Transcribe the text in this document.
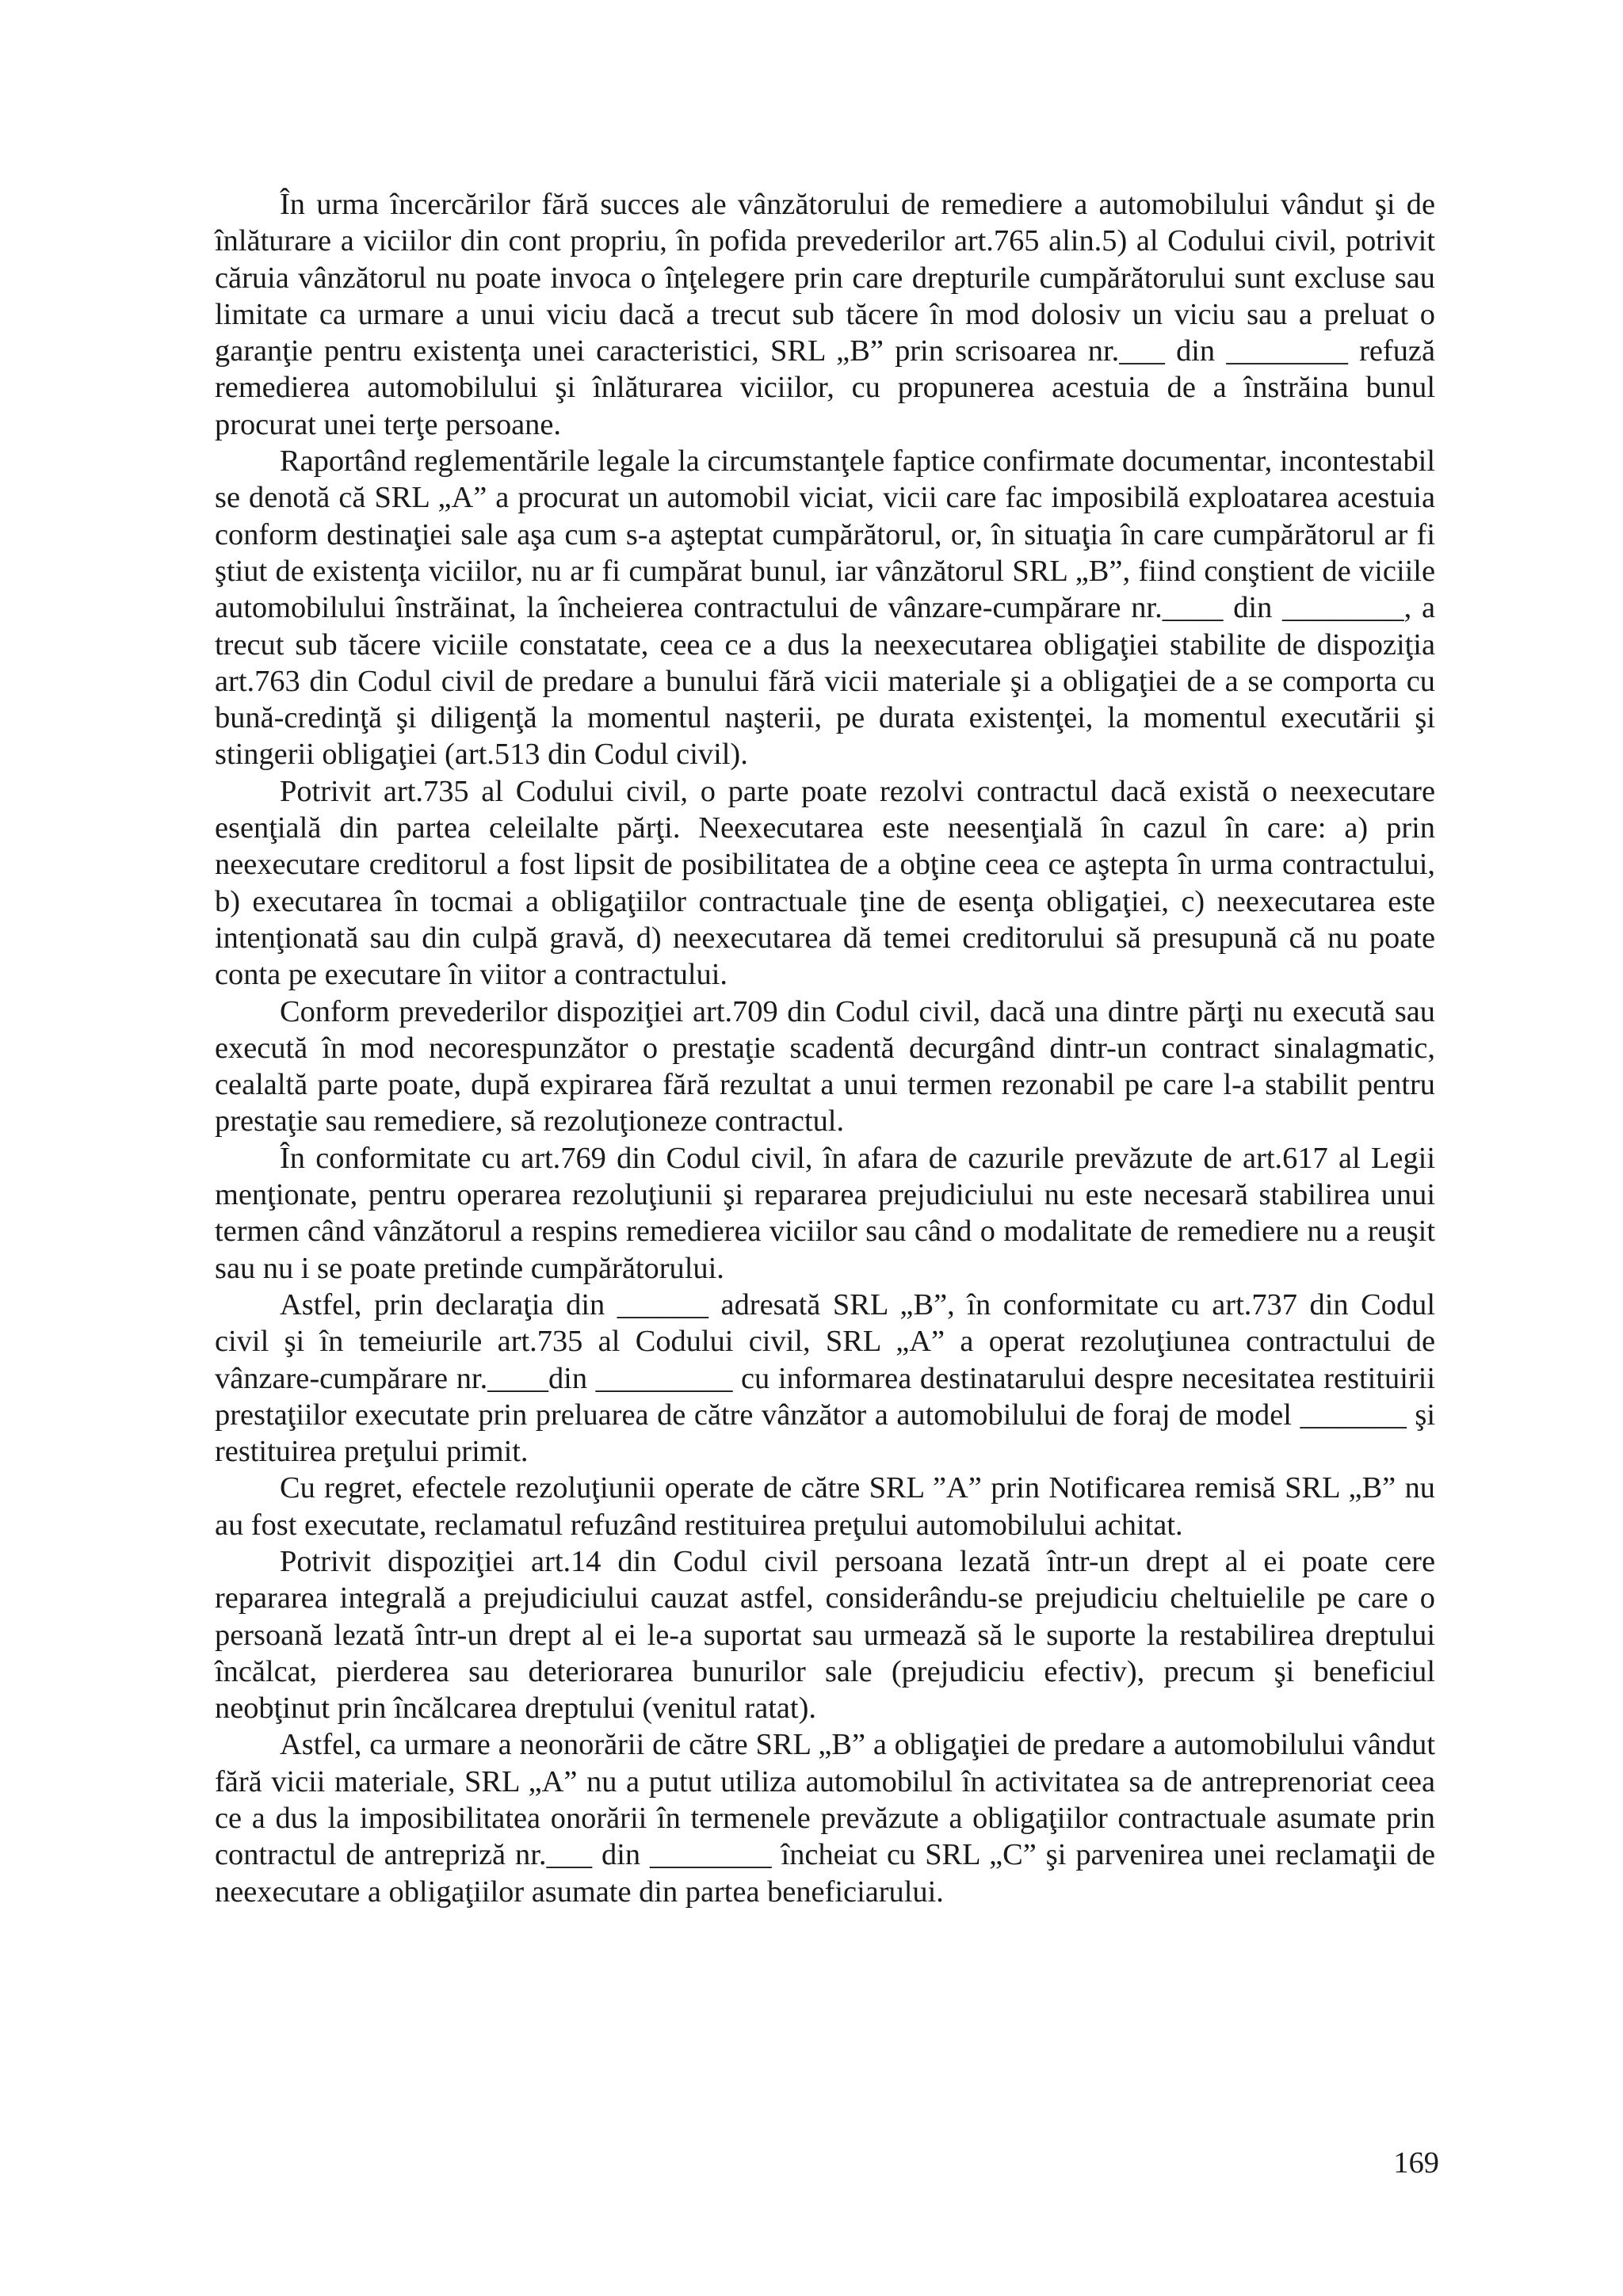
În urma încercărilor fără succes ale vânzătorului de remediere a automobilului vândut şi de înlăturare a viciilor din cont propriu, în pofida prevederilor art.765 alin.5) al Codului civil, potrivit căruia vânzătorul nu poate invoca o înţelegere prin care drepturile cumpărătorului sunt excluse sau limitate ca urmare a unui viciu dacă a trecut sub tăcere în mod dolosiv un viciu sau a preluat o garanţie pentru existenţa unei caracteristici, SRL „B” prin scrisoarea nr.___ din ________ refuză remedierea automobilului şi înlăturarea viciilor, cu propunerea acestuia de a înstrăina bunul procurat unei terţe persoane.

Raportând reglementările legale la circumstanţele faptice confirmate documentar, incontestabil se denotă că SRL „A” a procurat un automobil viciat, vicii care fac imposibilă exploatarea acestuia conform destinaţiei sale aşa cum s-a aşteptat cumpărătorul, or, în situaţia în care cumpărătorul ar fi ştiut de existenţa viciilor, nu ar fi cumpărat bunul, iar vânzătorul SRL „B”, fiind conştient de viciile automobilului înstrăinat, la încheierea contractului de vânzare-cumpărare nr.____ din ________, a trecut sub tăcere viciile constatate, ceea ce a dus la neexecutarea obligaţiei stabilite de dispoziţia art.763 din Codul civil de predare a bunului fără vicii materiale şi a obligaţiei de a se comporta cu bună-credinţă şi diligenţă la momentul naşterii, pe durata existenţei, la momentul executării şi stingerii obligaţiei (art.513 din Codul civil).

Potrivit art.735 al Codului civil, o parte poate rezolvi contractul dacă există o neexecutare esenţială din partea celeilalte părţi. Neexecutarea este neesenţială în cazul în care: a) prin neexecutare creditorul a fost lipsit de posibilitatea de a obţine ceea ce aştepta în urma contractului, b) executarea în tocmai a obligaţiilor contractuale ţine de esenţa obligaţiei, c) neexecutarea este intenţionată sau din culpă gravă, d) neexecutarea dă temei creditorului să presupună că nu poate conta pe executare în viitor a contractului.

Conform prevederilor dispoziţiei art.709 din Codul civil, dacă una dintre părţi nu execută sau execută în mod necorespunzător o prestaţie scadentă decurgând dintr-un contract sinalagmatic, cealaltă parte poate, după expirarea fără rezultat a unui termen rezonabil pe care l-a stabilit pentru prestaţie sau remediere, să rezoluţioneze contractul.

În conformitate cu art.769 din Codul civil, în afara de cazurile prevăzute de art.617 al Legii menţionate, pentru operarea rezoluţiunii şi repararea prejudiciului nu este necesară stabilirea unui termen când vânzătorul a respins remedierea viciilor sau când o modalitate de remediere nu a reuşit sau nu i se poate pretinde cumpărătorului.

Astfel, prin declaraţia din ______ adresată SRL „B”, în conformitate cu art.737 din Codul civil şi în temeiurile art.735 al Codului civil, SRL „A” a operat rezoluţiunea contractului de vânzare-cumpărare nr.____din _________ cu informarea destinatarului despre necesitatea restituirii prestaţiilor executate prin preluarea de către vânzător a automobilului de foraj de model _______ şi restituirea preţului primit.

Cu regret, efectele rezoluţiunii operate de către SRL ”A” prin Notificarea remisă SRL „B” nu au fost executate, reclamatul refuzând restituirea preţului automobilului achitat.

Potrivit dispoziţiei art.14 din Codul civil persoana lezată într-un drept al ei poate cere repararea integrală a prejudiciului cauzat astfel, considerându-se prejudiciu cheltuielile pe care o persoană lezată într-un drept al ei le-a suportat sau urmează să le suporte la restabilirea dreptului încălcat, pierderea sau deteriorarea bunurilor sale (prejudiciu efectiv), precum şi beneficiul neobţinut prin încălcarea dreptului (venitul ratat).

Astfel, ca urmare a neonorării de către SRL „B” a obligaţiei de predare a automobilului vândut fără vicii materiale, SRL „A” nu a putut utiliza automobilul în activitatea sa de antreprenoriat ceea ce a dus la imposibilitatea onorării în termenele prevăzute a obligaţiilor contractuale asumate prin contractul de antrepriză nr.___ din ________ încheiat cu SRL „C” şi parvenirea unei reclamaţii de neexecutare a obligaţiilor asumate din partea beneficiarului.

169
